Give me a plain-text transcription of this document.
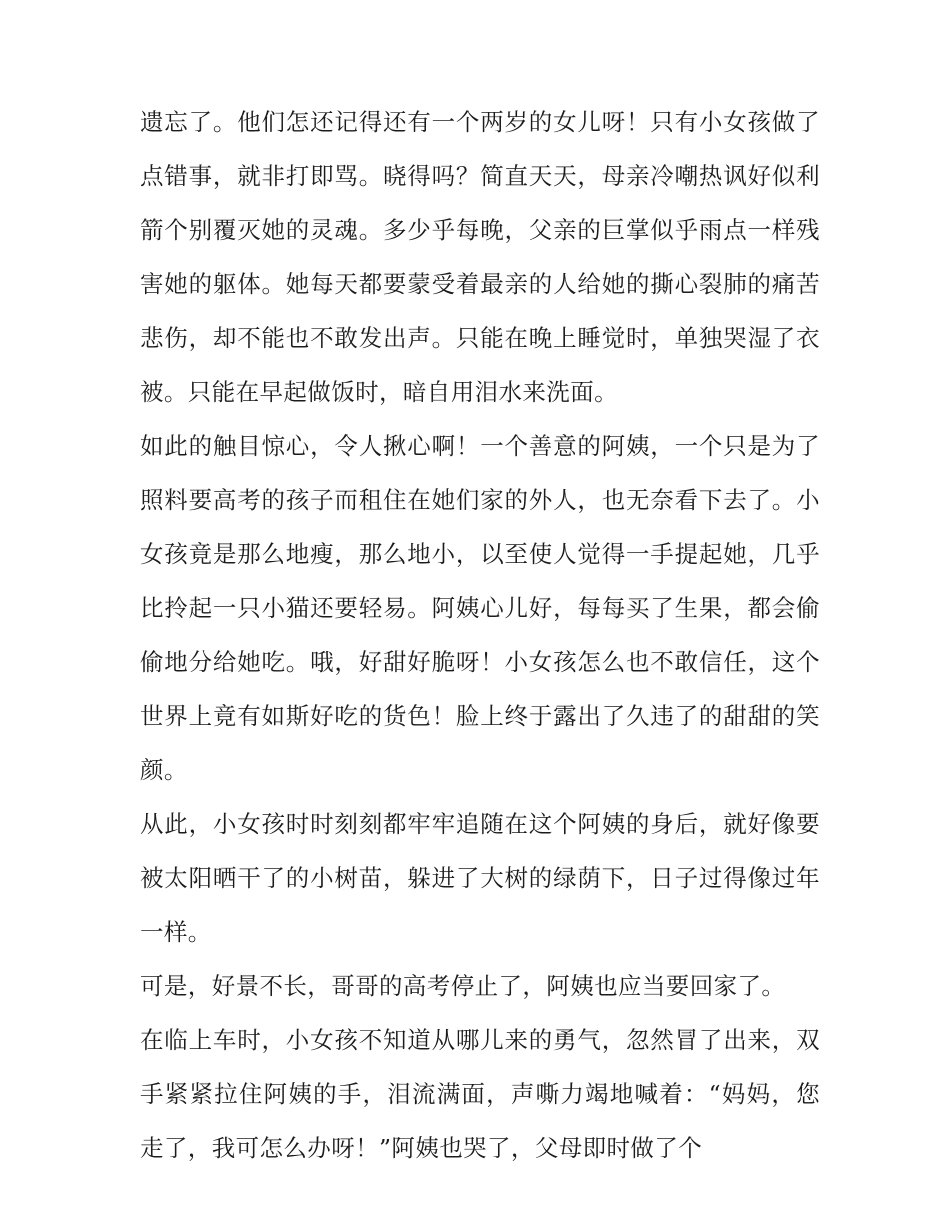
遗忘了。他们怎还记得还有一个两岁的女儿呀！只有小女孩做了点错事，就非打即骂。晓得吗？简直天天，母亲冷嘲热讽好似利箭个别覆灭她的灵魂。多少乎每晚，父亲的巨掌似乎雨点一样残害她的躯体。她每天都要蒙受着最亲的人给她的撕心裂肺的痛苦悲伤，却不能也不敢发出声。只能在晚上睡觉时，单独哭湿了衣被。只能在早起做饭时，暗自用泪水来洗面。

如此的触目惊心，令人揪心啊！一个善意的阿姨，一个只是为了照料要高考的孩子而租住在她们家的外人，也无奈看下去了。小女孩竟是那么地瘦，那么地小，以至使人觉得一手提起她，几乎比拎起一只小猫还要轻易。阿姨心儿好，每每买了生果，都会偷偷地分给她吃。哦，好甜好脆呀！小女孩怎么也不敢信任，这个世界上竟有如斯好吃的货色！脸上终于露出了久违了的甜甜的笑颜。

从此，小女孩时时刻刻都牢牢追随在这个阿姨的身后，就好像要被太阳晒干了的小树苗，躲进了大树的绿荫下，日子过得像过年一样。

可是，好景不长，哥哥的高考停止了，阿姨也应当要回家了。

在临上车时，小女孩不知道从哪儿来的勇气，忽然冒了出来，双手紧紧拉住阿姨的手，泪流满面，声嘶力竭地喊着：“妈妈，您走了，我可怎么办呀！”阿姨也哭了，父母即时做了个
